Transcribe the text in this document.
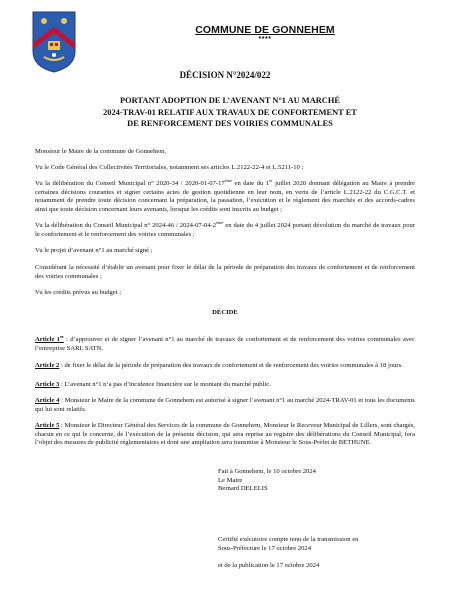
COMMUNE DE GONNEHEM
****
DÉCISION N°2024/022
PORTANT ADOPTION DE L’AVENANT N°1 AU MARCHÉ
2024-TRAV-01 RELATIF AUX TRAVAUX DE CONFORTEMENT ET
DE RENFORCEMENT DES VOIRIES COMMUNALES

Monsieur le Maire de la commune de Gonnehem,

Vu le Code Général des Collectivités Territoriales, notamment ses articles L.2122-22-4 et L.5211-10 ;

Vu la délibération du Conseil Municipal n° 2020-34 / 2020-01-07-17ème en date du 1er juillet 2020 donnant délégation au Maire à prendre certaines décisions courantes et signer certains actes de gestion quotidienne en leur nom, en vertu de l’article L.2122-22 du C.G.C.T. et notamment de prendre toute décision concernant la préparation, la passation, l’exécution et le règlement des marchés et des accords-cadres ainsi que toute décision concernant leurs avenants, lorsque les crédits sont inscrits au budget ;

Vu la délibération du Conseil Municipal n° 2024-46 / 2024-07-04-2ème en date du 4 juillet 2024 portant dévolution du marché de travaux pour le confortement et le renforcement des voiries communales ;

Vu le projet d’avenant n°1 au marché signé ;

Considérant la nécessité d’établir un avenant pour fixer le délai de la période de préparation des travaux de confortement et de renforcement des voiries communales ;

Vu les crédits prévus au budget ;

DÉCIDE
Article 1er : d’approuver et de signer l’avenant n°1 au marché de travaux de confortement et de renforcement des voiries communales avec l’entreprise SARL SATN.
Article 2 : de fixer le délai de la période de préparation des travaux de confortement et de renforcement des voiries communales à 18 jours.
Article 3 : L’avenant n°1 n’a pas d’incidence financière sur le montant du marché public.
Article 4 : Monsieur le Maire de la commune de Gonnehem est autorisé à signer l’avenant n°1 au marché 2024-TRAV-01 et tous les documents qui lui sont relatifs.
Article 5 : Monsieur le Directeur Général des Services de la commune de Gonnehem, Monsieur le Receveur Municipal de Lillers, sont chargés, chacun en ce qui le concerne, de l’exécution de la présente décision, qui sera reprise au registre des délibérations du Conseil Municipal, fera l’objet des mesures de publicité réglementaires et dont une ampliation sera transmise à Monsieur le Sous-Préfet de BETHUNE.
Fait à Gonnehem, le 10 octobre 2024
Le Maire
Bernard DELELIS
Certifié exécutoire compte tenu de la transmission en
Sous-Préfecture le 17 octobre 2024
et de la publication le 17 octobre 2024
